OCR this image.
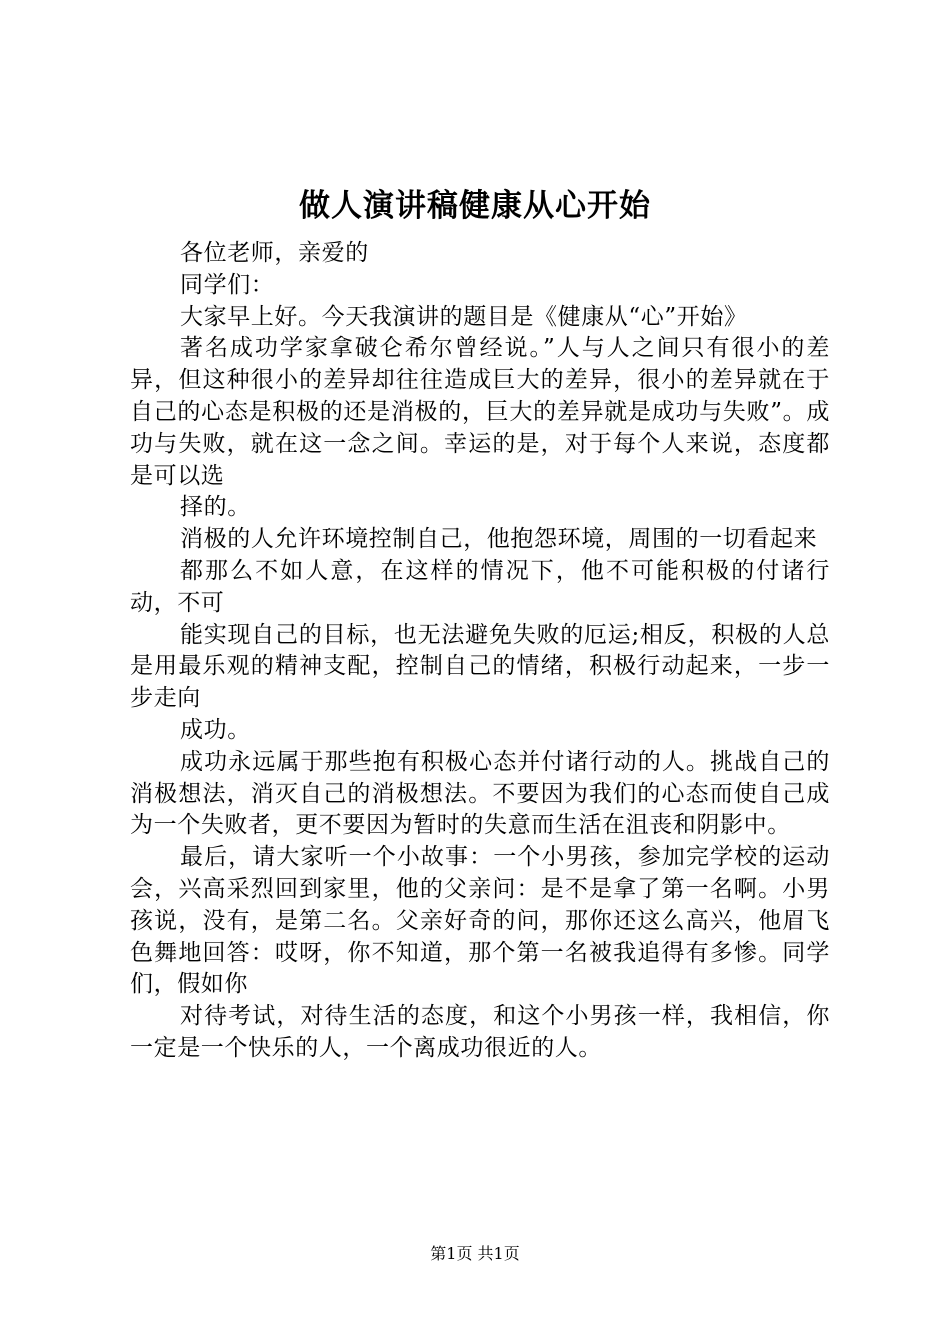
做人演讲稿健康从心开始

各位老师，亲爱的

同学们：

大家早上好。今天我演讲的题目是《健康从“心”开始》

著名成功学家拿破仑希尔曾经说。”人与人之间只有很小的差异，但这种很小的差异却往往造成巨大的差异，很小的差异就在于自己的心态是积极的还是消极的，巨大的差异就是成功与失败”。成功与失败，就在这一念之间。幸运的是，对于每个人来说，态度都是可以选

择的。

消极的人允许环境控制自己，他抱怨环境，周围的一切看起来

都那么不如人意，在这样的情况下，他不可能积极的付诸行动，不可

能实现自己的目标，也无法避免失败的厄运;相反，积极的人总是用最乐观的精神支配，控制自己的情绪，积极行动起来，一步一步走向

成功。

成功永远属于那些抱有积极心态并付诸行动的人。挑战自己的消极想法，消灭自己的消极想法。不要因为我们的心态而使自己成为一个失败者，更不要因为暂时的失意而生活在沮丧和阴影中。

最后，请大家听一个小故事：一个小男孩，参加完学校的运动会，兴高采烈回到家里，他的父亲问：是不是拿了第一名啊。小男孩说，没有，是第二名。父亲好奇的问，那你还这么高兴，他眉飞色舞地回答：哎呀，你不知道，那个第一名被我追得有多惨。同学们，假如你

对待考试，对待生活的态度，和这个小男孩一样，我相信，你一定是一个快乐的人，一个离成功很近的人。

第1页 共1页
